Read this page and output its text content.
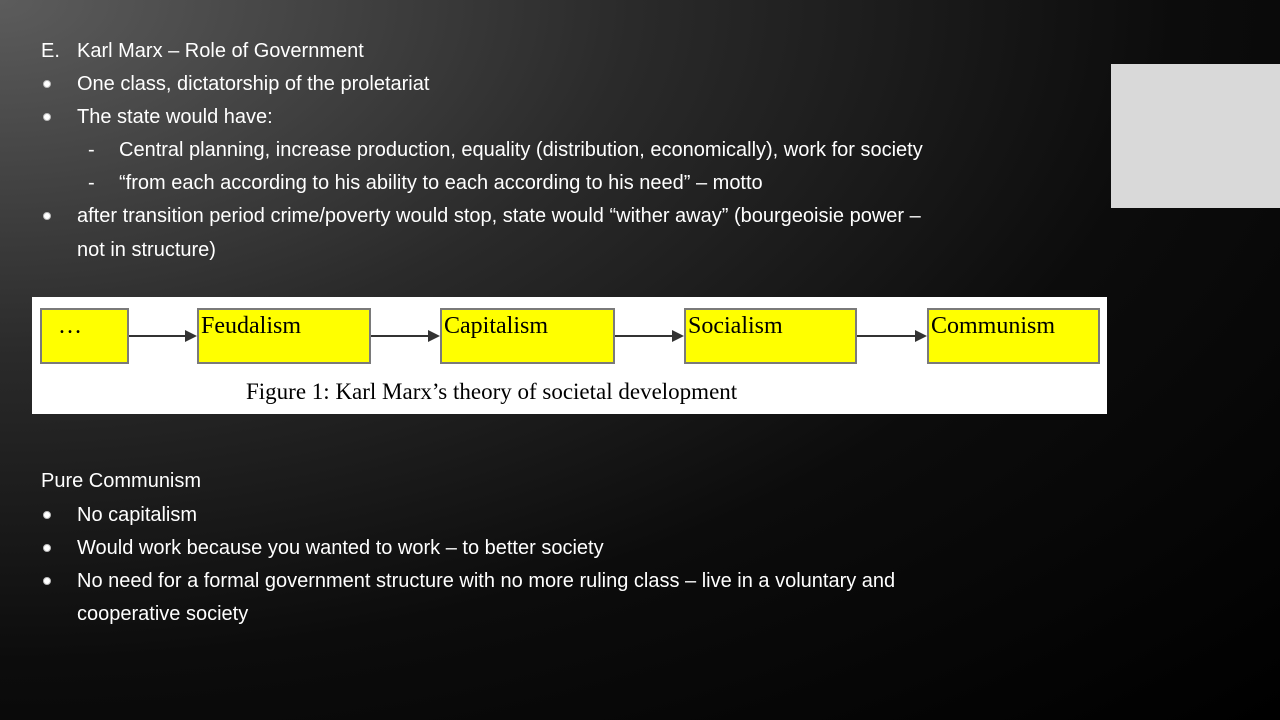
E. Karl Marx – Role of Government
One class, dictatorship of the proletariat
The state would have:
- Central planning, increase production, equality (distribution, economically), work for society
- “from each according to his ability to each according to his need” – motto
after transition period crime/poverty would stop, state would “wither away” (bourgeoisie power –
not in structure)
…	Feudalism	Capitalism	Socialism	Communism
Figure 1: Karl Marx’s theory of societal development
Pure Communism
No capitalism
Would work because you wanted to work – to better society
No need for a formal government structure with no more ruling class – live in a voluntary and
cooperative society
